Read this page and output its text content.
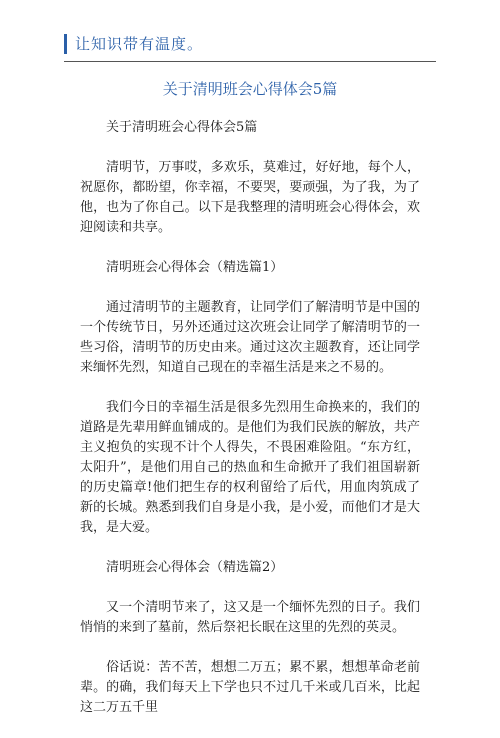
让知识带有温度。
关于清明班会心得体会5篇

关于清明班会心得体会5篇

清明节，万事哎，多欢乐，莫难过，好好地，每个人，祝愿你，都盼望，你幸福，不要哭，要顽强，为了我，为了他，也为了你自己。以下是我整理的清明班会心得体会，欢迎阅读和共享。

清明班会心得体会（精选篇1）

通过清明节的主题教育，让同学们了解清明节是中国的一个传统节日，另外还通过这次班会让同学了解清明节的一些习俗，清明节的历史由来。通过这次主题教育，还让同学来缅怀先烈，知道自己现在的幸福生活是来之不易的。

我们今日的幸福生活是很多先烈用生命换来的，我们的道路是先辈用鲜血铺成的。是他们为我们民族的解放，共产主义抱负的实现不计个人得失，不畏困难险阻。“东方红，太阳升”，是他们用自己的热血和生命掀开了我们祖国崭新的历史篇章!他们把生存的权利留给了后代，用血肉筑成了新的长城。熟悉到我们自身是小我，是小爱，而他们才是大我，是大爱。

清明班会心得体会（精选篇2）

又一个清明节来了，这又是一个缅怀先烈的日子。我们悄悄的来到了墓前，然后祭祀长眠在这里的先烈的英灵。

俗话说：苦不苦，想想二万五；累不累，想想革命老前辈。的确，我们每天上下学也只不过几千米或几百米，比起这二万五千里
